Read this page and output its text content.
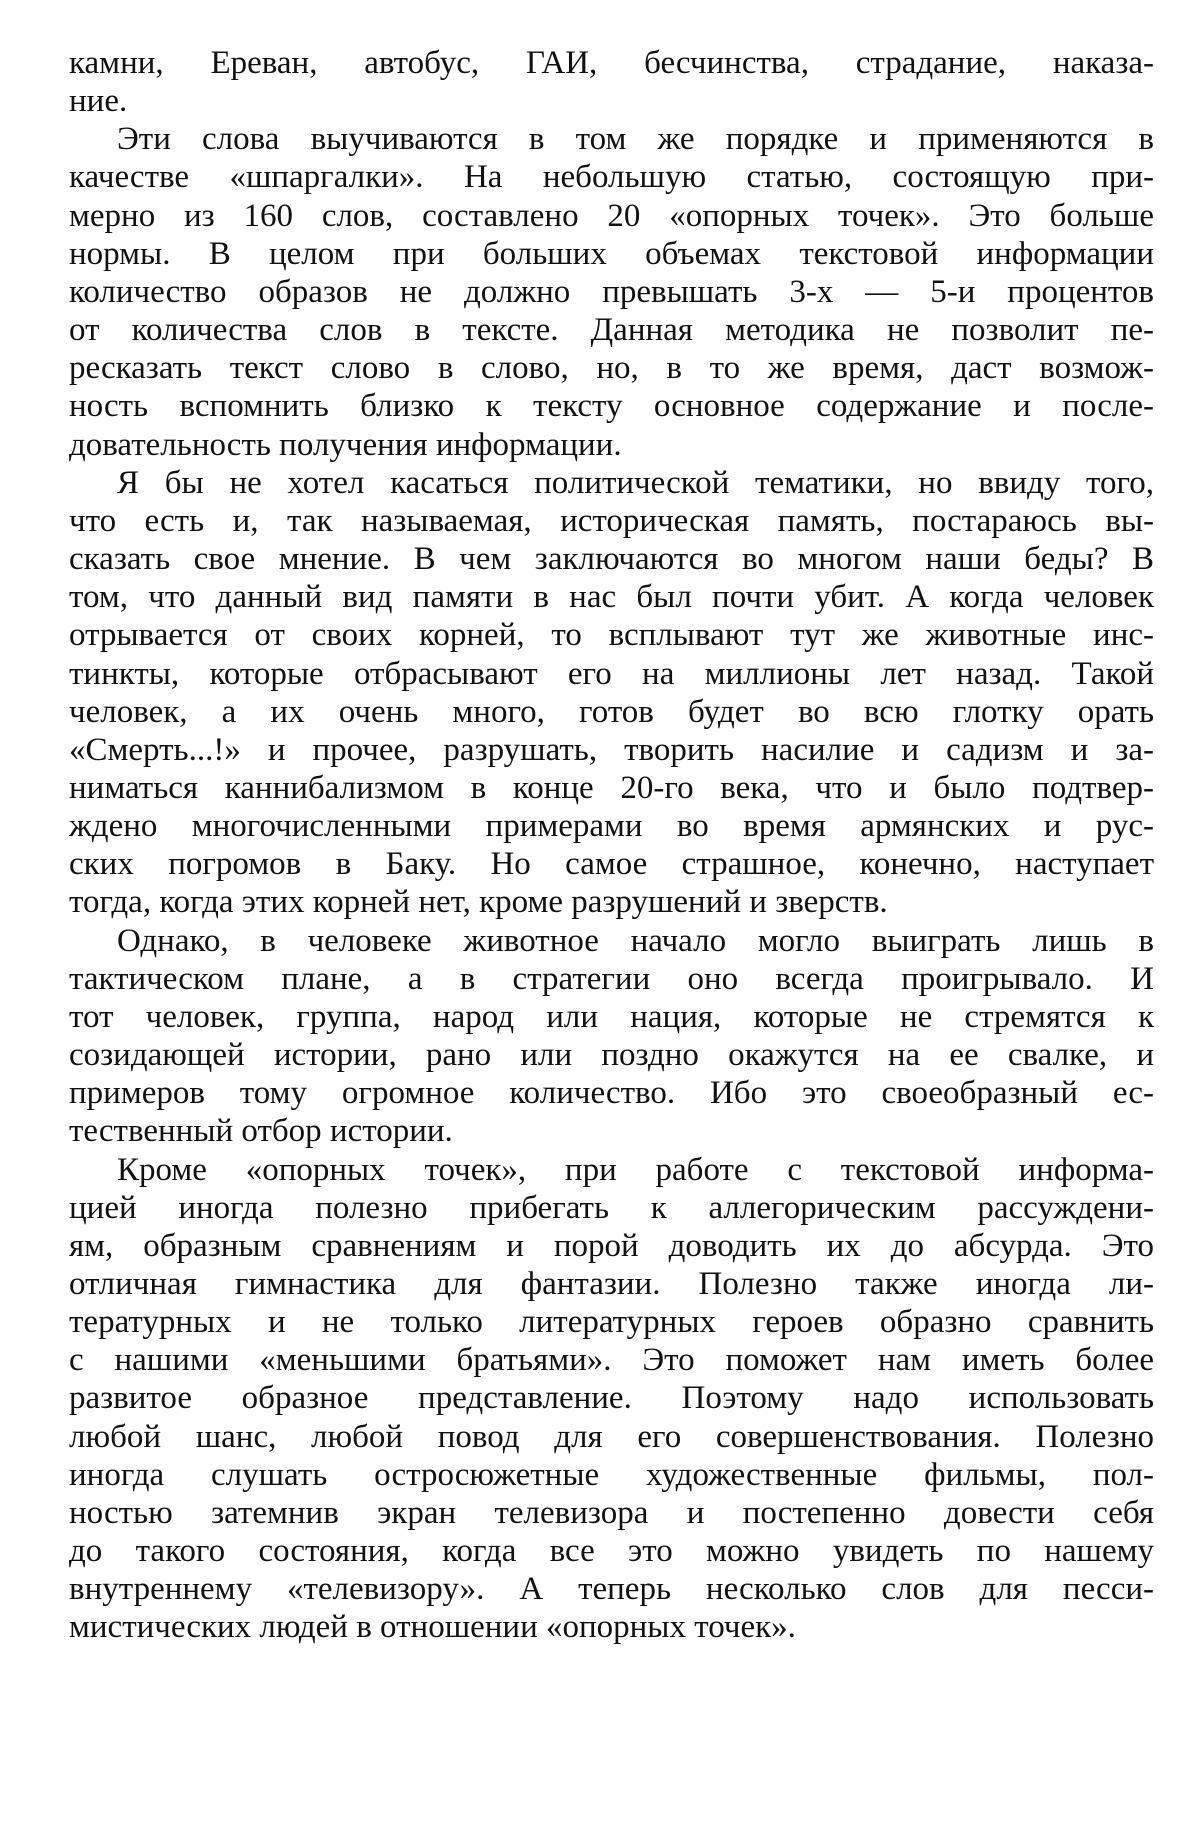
камни, Ереван, автобус, ГАИ, бесчинства, страдание, наказа-
ние.

Эти слова выучиваются в том же порядке и применяются в
качестве «шпаргалки». На небольшую статью, состоящую при-
мерно из 160 слов, составлено 20 «опорных точек». Это больше
нормы. В целом при больших объемах текстовой информации
количество образов не должно превышать 3-х — 5-и процентов
от количества слов в тексте. Данная методика не позволит пе-
ресказать текст слово в слово, но, в то же время, даст возмож-
ность вспомнить близко к тексту основное содержание и после-
довательность получения информации.

Я бы не хотел касаться политической тематики, но ввиду того,
что есть и, так называемая, историческая память, постараюсь вы-
сказать свое мнение. В чем заключаются во многом наши беды? В
том, что данный вид памяти в нас был почти убит. А когда человек
отрывается от своих корней, то всплывают тут же животные инс-
тинкты, которые отбрасывают его на миллионы лет назад. Такой
человек, а их очень много, готов будет во всю глотку орать
«Смерть...!» и прочее, разрушать, творить насилие и садизм и за-
ниматься каннибализмом в конце 20-го века, что и было подтвер-
ждено многочисленными примерами во время армянских и рус-
ских погромов в Баку. Но самое страшное, конечно, наступает
тогда, когда этих корней нет, кроме разрушений и зверств.

Однако, в человеке животное начало могло выиграть лишь в
тактическом плане, а в стратегии оно всегда проигрывало. И
тот человек, группа, народ или нация, которые не стремятся к
созидающей истории, рано или поздно окажутся на ее свалке, и
примеров тому огромное количество. Ибо это своеобразный ес-
тественный отбор истории.

Кроме «опорных точек», при работе с текстовой информа-
цией иногда полезно прибегать к аллегорическим рассуждени-
ям, образным сравнениям и порой доводить их до абсурда. Это
отличная гимнастика для фантазии. Полезно также иногда ли-
тературных и не только литературных героев образно сравнить
с нашими «меньшими братьями». Это поможет нам иметь более
развитое образное представление. Поэтому надо использовать
любой шанс, любой повод для его совершенствования. Полезно
иногда слушать остросюжетные художественные фильмы, пол-
ностью затемнив экран телевизора и постепенно довести себя
до такого состояния, когда все это можно увидеть по нашему
внутреннему «телевизору». А теперь несколько слов для песси-
мистических людей в отношении «опорных точек».
